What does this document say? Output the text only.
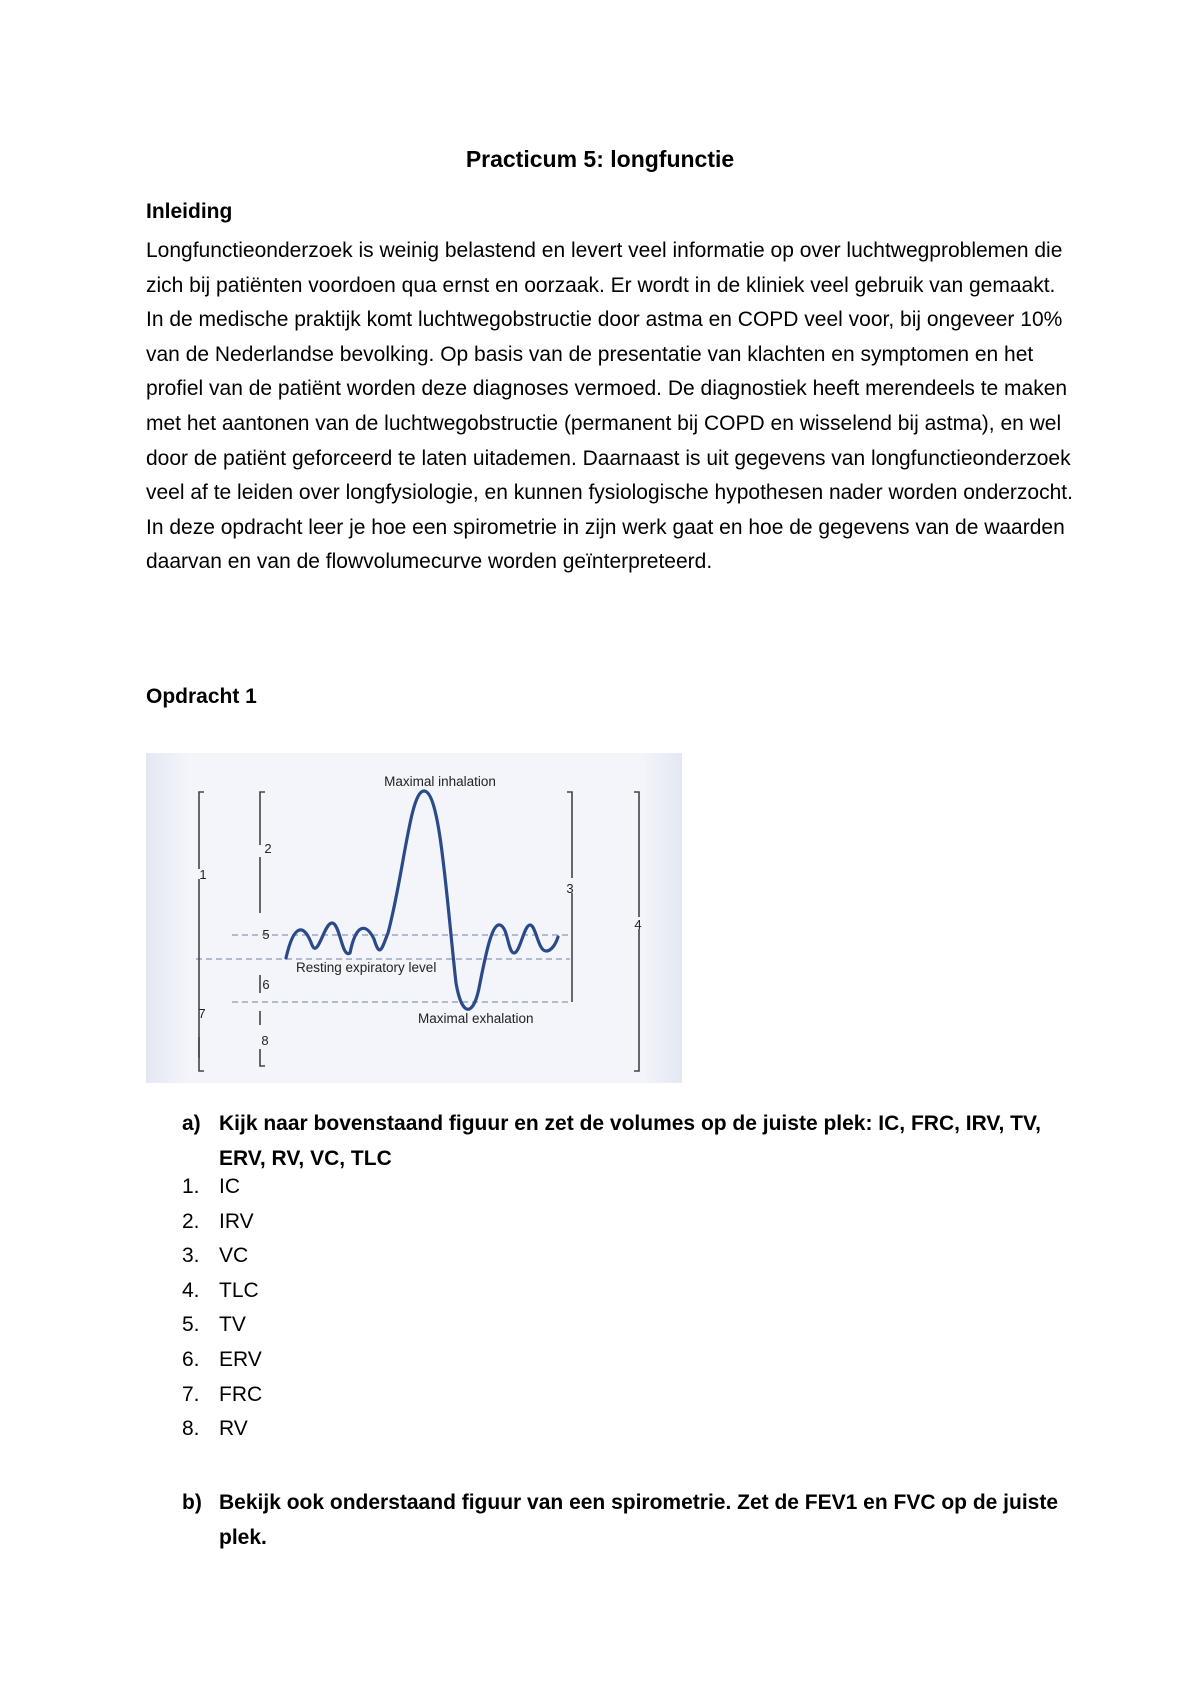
Practicum 5: longfunctie
Inleiding

Longfunctieonderzoek is weinig belastend en levert veel informatie op over luchtwegproblemen die zich bij patiënten voordoen qua ernst en oorzaak. Er wordt in de kliniek veel gebruik van gemaakt. In de medische praktijk komt luchtwegobstructie door astma en COPD veel voor, bij ongeveer 10% van de Nederlandse bevolking. Op basis van de presentatie van klachten en symptomen en het profiel van de patiënt worden deze diagnoses vermoed. De diagnostiek heeft merendeels te maken met het aantonen van de luchtwegobstructie (permanent bij COPD en wisselend bij astma), en wel door de patiënt geforceerd te laten uitademen. Daarnaast is uit gegevens van longfunctieonderzoek veel af te leiden over longfysiologie, en kunnen fysiologische hypothesen nader worden onderzocht. In deze opdracht leer je hoe een spirometrie in zijn werk gaat en hoe de gegevens van de waarden daarvan en van de flowvolumecurve worden geïnterpreteerd.

Opdracht 1
Maximal inhalation
Resting expiratory level
Maximal exhalation
1
2
3
4
5
6
7
8
a) Kijk naar bovenstaand figuur en zet de volumes op de juiste plek: IC, FRC, IRV, TV, ERV, RV, VC, TLC
1. IC
2. IRV
3. VC
4. TLC
5. TV
6. ERV
7. FRC
8. RV
b) Bekijk ook onderstaand figuur van een spirometrie. Zet de FEV1 en FVC op de juiste plek.
